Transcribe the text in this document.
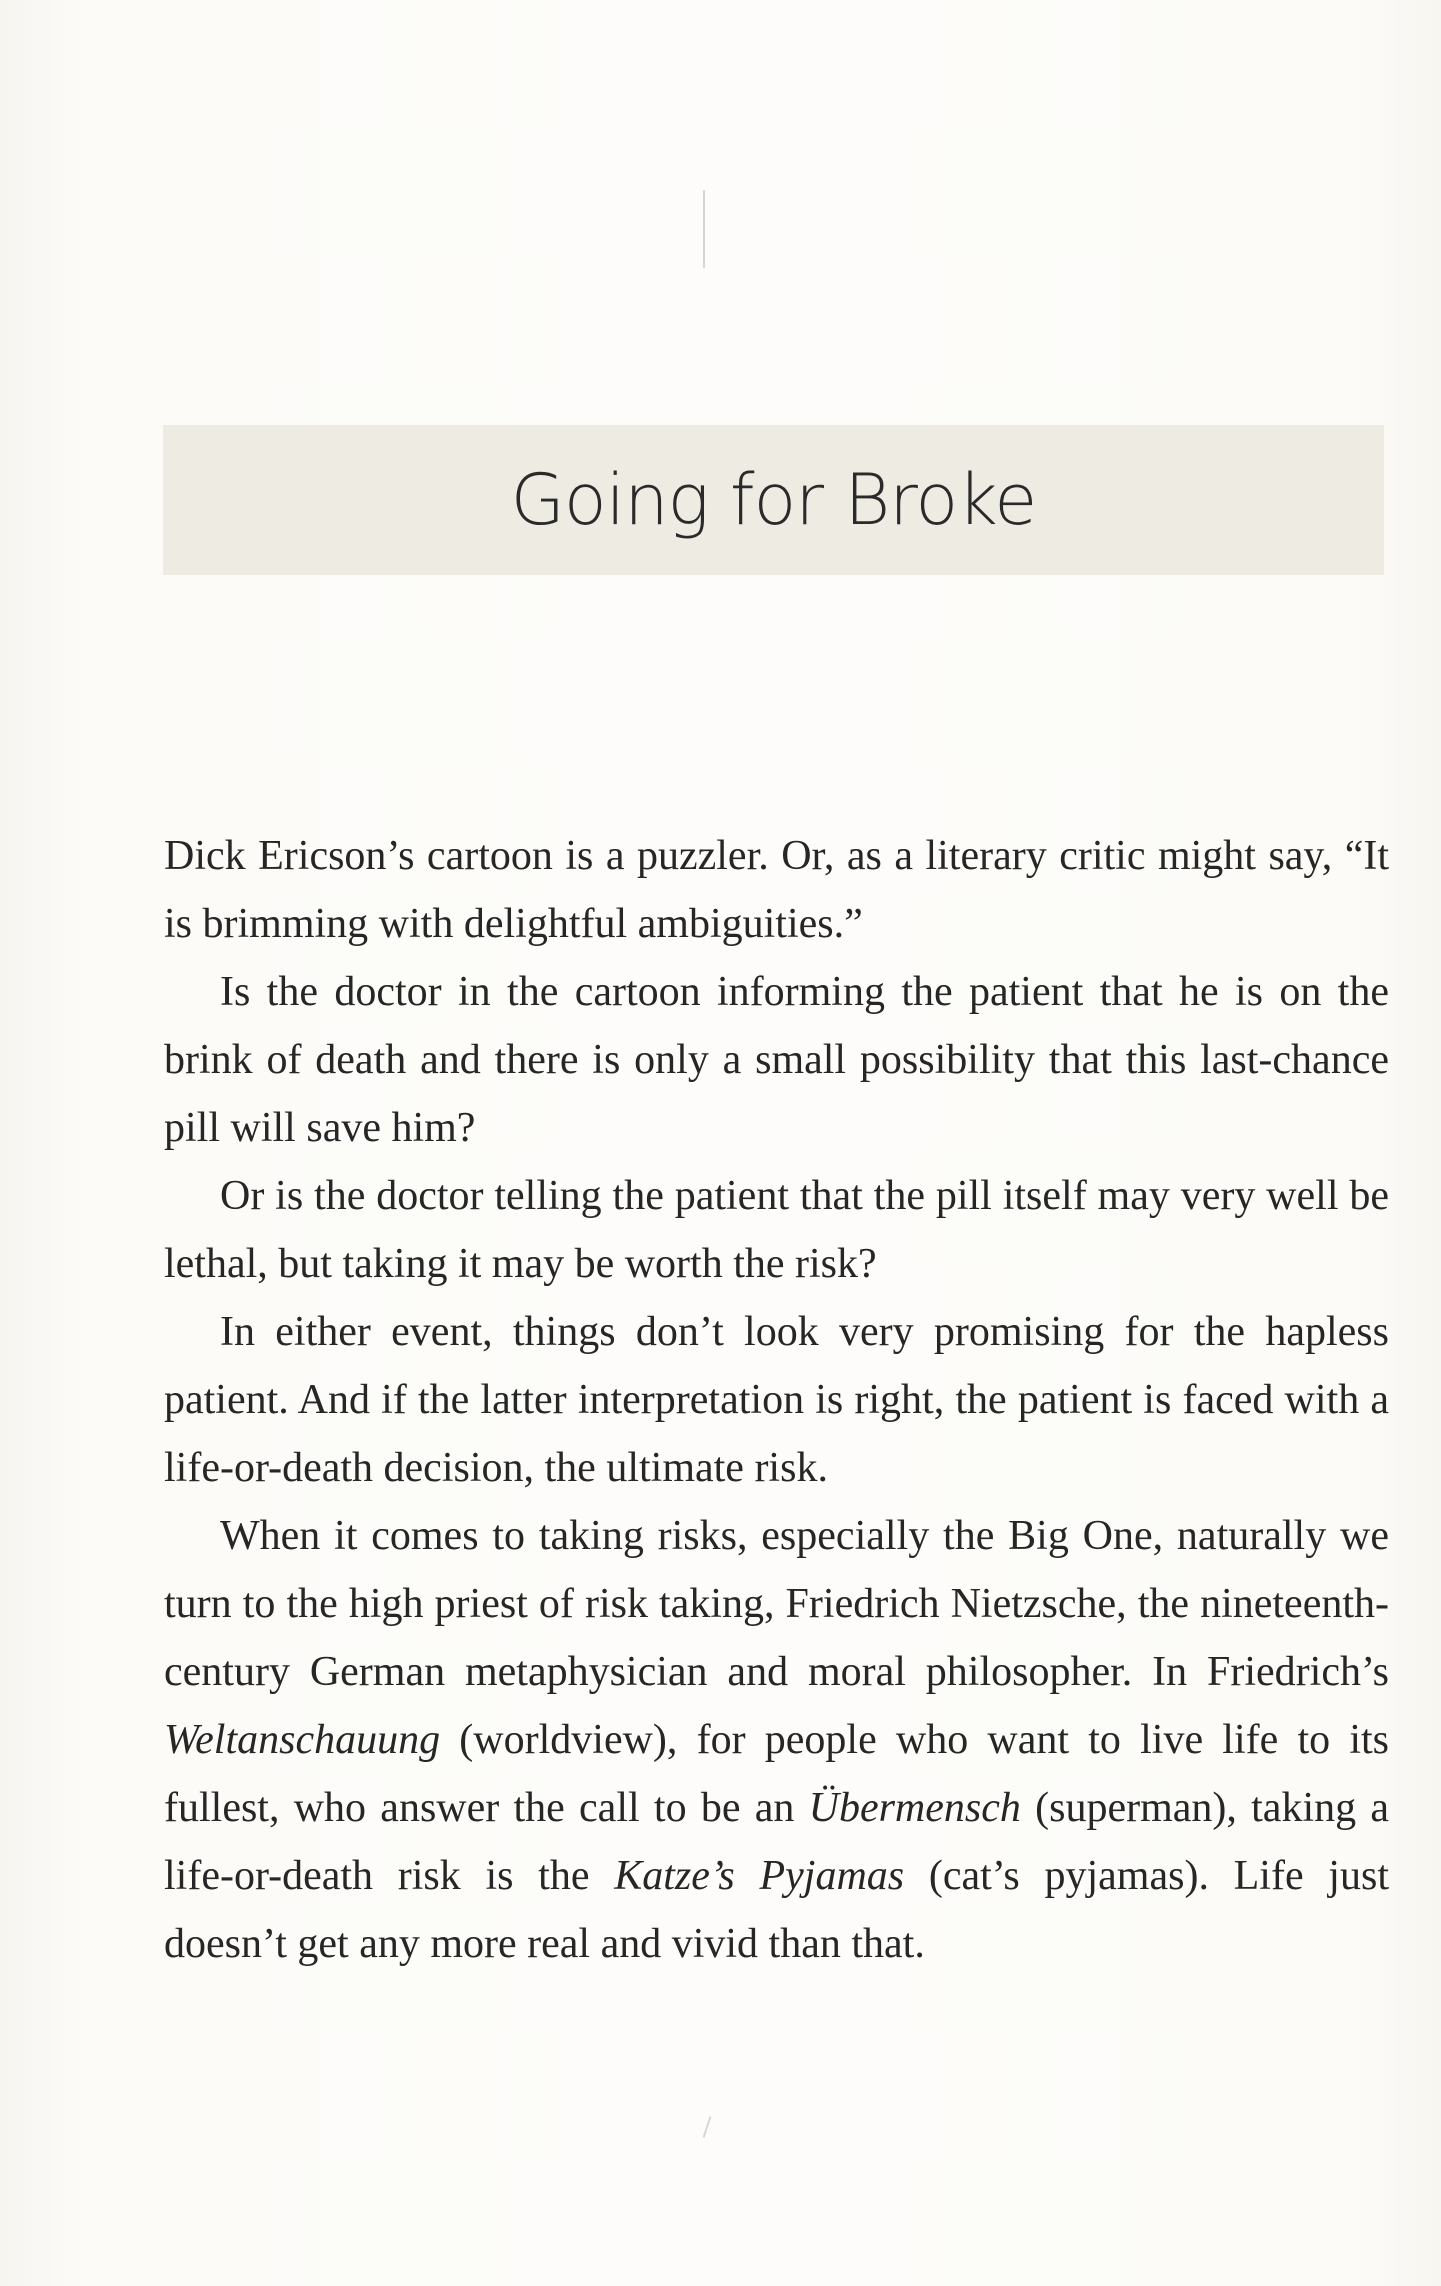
Going for Broke

Dick Ericson’s cartoon is a puzzler. Or, as a literary critic might say, “It is brimming with delightful ambiguities.”

Is the doctor in the cartoon informing the patient that he is on the brink of death and there is only a small possibility that this last-chance pill will save him?

Or is the doctor telling the patient that the pill itself may very well be lethal, but taking it may be worth the risk?

In either event, things don’t look very promising for the hapless patient. And if the latter interpretation is right, the patient is faced with a life-or-death decision, the ultimate risk.

When it comes to taking risks, especially the Big One, naturally we turn to the high priest of risk taking, Friedrich Nietzsche, the nineteenth-century German metaphysician and moral philosopher. In Friedrich’s Weltanschauung (worldview), for people who want to live life to its fullest, who answer the call to be an Übermensch (superman), taking a life-or-death risk is the Katze’s Pyjamas (cat’s pyjamas). Life just doesn’t get any more real and vivid than that.
